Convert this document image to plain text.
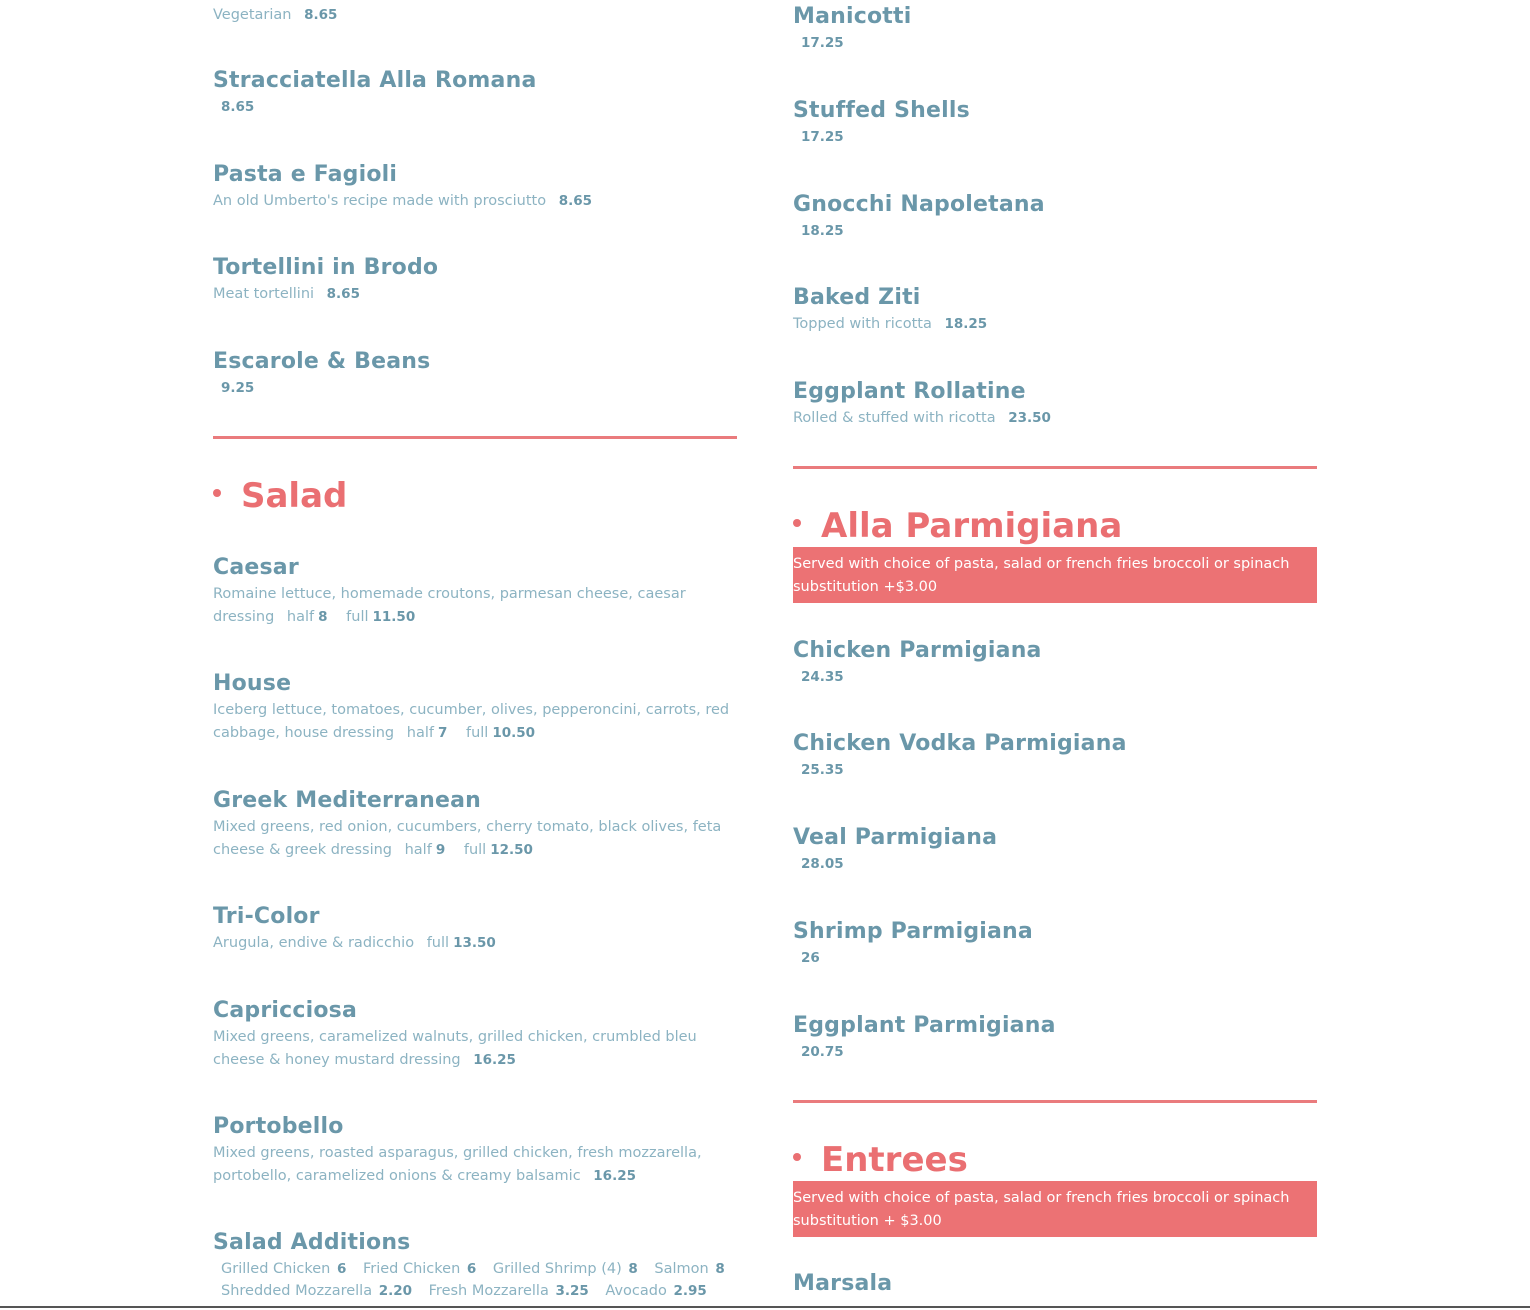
Vegetarian 8.65
Stracciatella Alla Romana
8.65
Pasta e Fagioli
An old Umberto's recipe made with prosciutto 8.65
Tortellini in Brodo
Meat tortellini 8.65
Escarole & Beans
9.25
Salad
Caesar
Romaine lettuce, homemade croutons, parmesan cheese, caesar dressing half 8 full 11.50
House
Iceberg lettuce, tomatoes, cucumber, olives, pepperoncini, carrots, red cabbage, house dressing half 7 full 10.50
Greek Mediterranean
Mixed greens, red onion, cucumbers, cherry tomato, black olives, feta cheese & greek dressing half 9 full 12.50
Tri-Color
Arugula, endive & radicchio full 13.50
Capricciosa
Mixed greens, caramelized walnuts, grilled chicken, crumbled bleu cheese & honey mustard dressing 16.25
Portobello
Mixed greens, roasted asparagus, grilled chicken, fresh mozzarella, portobello, caramelized onions & creamy balsamic 16.25
Salad Additions
Grilled Chicken 6 Fried Chicken 6 Grilled Shrimp (4) 8 Salmon 8
Shredded Mozzarella 2.20 Fresh Mozzarella 3.25 Avocado 2.95
Manicotti
17.25
Stuffed Shells
17.25
Gnocchi Napoletana
18.25
Baked Ziti
Topped with ricotta 18.25
Eggplant Rollatine
Rolled & stuffed with ricotta 23.50
Alla Parmigiana
Served with choice of pasta, salad or french fries broccoli or spinach substitution +$3.00
Chicken Parmigiana
24.35
Chicken Vodka Parmigiana
25.35
Veal Parmigiana
28.05
Shrimp Parmigiana
26
Eggplant Parmigiana
20.75
Entrees
Served with choice of pasta, salad or french fries broccoli or spinach substitution + $3.00
Marsala
